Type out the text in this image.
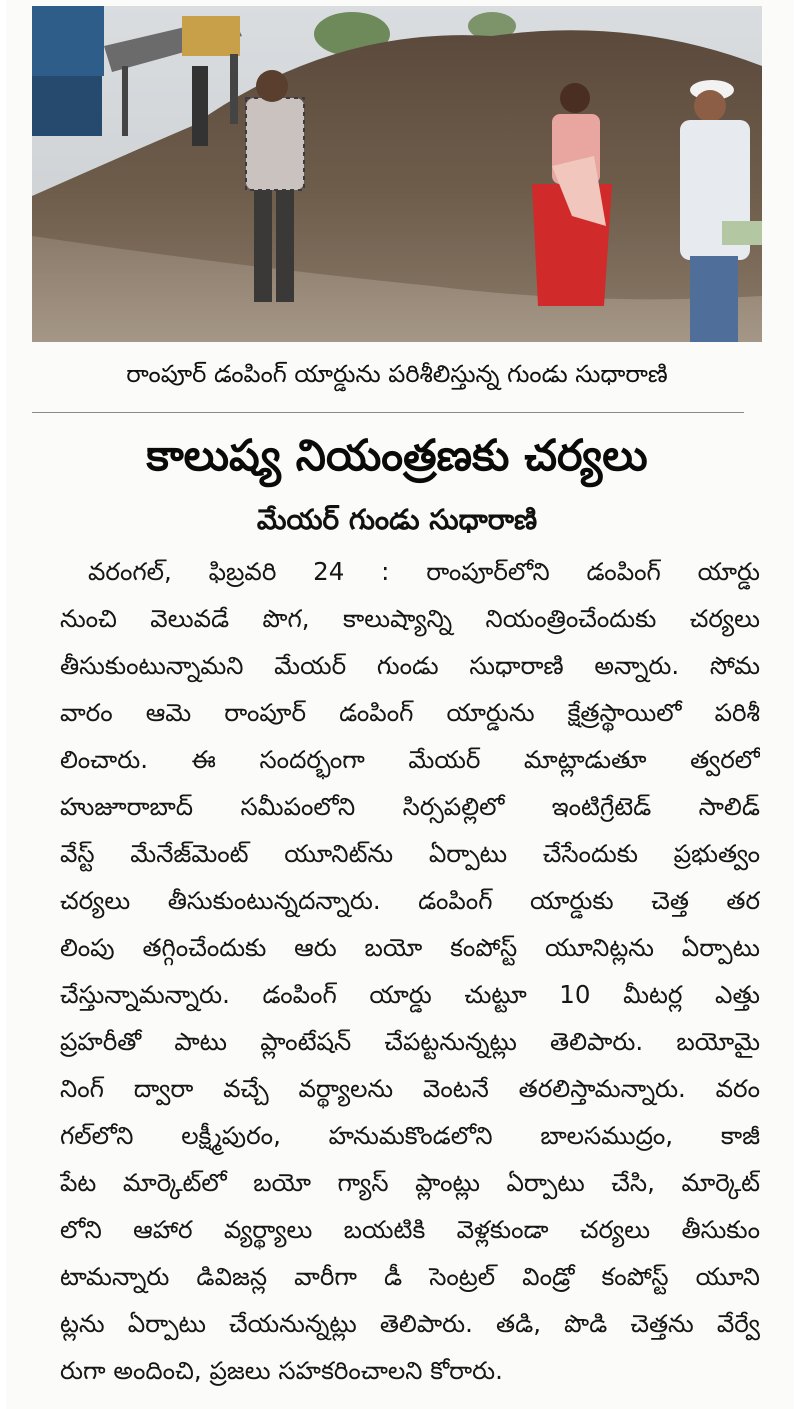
రాంపూర్ డంపింగ్ యార్డును పరిశీలిస్తున్న గుండు సుధారాణి
కాలుష్య నియంత్రణకు చర్యలు
మేయర్ గుండు సుధారాణి
వరంగల్, ఫిబ్రవరి 24 : రాంపూర్‌లోని డంపింగ్ యార్డు
నుంచి వెలువడే పొగ, కాలుష్యాన్ని నియంత్రించేందుకు చర్యలు
తీసుకుంటున్నామని మేయర్ గుండు సుధారాణి అన్నారు. సోమ
వారం ఆమె రాంపూర్ డంపింగ్ యార్డును క్షేత్రస్థాయిలో పరిశీ
లించారు. ఈ సందర్భంగా మేయర్ మాట్లాడుతూ త్వరలో
హుజూరాబాద్ సమీపంలోని సిర్సపల్లిలో ఇంటిగ్రేటెడ్ సాలిడ్
వేస్ట్ మేనేజ్‌మెంట్ యూనిట్‌ను ఏర్పాటు చేసేందుకు ప్రభుత్వం
చర్యలు తీసుకుంటున్నదన్నారు. డంపింగ్ యార్డుకు చెత్త తర
లింపు తగ్గించేందుకు ఆరు బయో కంపోస్ట్ యూనిట్లను ఏర్పాటు
చేస్తున్నామన్నారు. డంపింగ్ యార్డు చుట్టూ 10 మీటర్ల ఎత్తు
ప్రహరీతో పాటు ప్లాంటేషన్ చేపట్టనున్నట్లు తెలిపారు. బయోమై
నింగ్ ద్వారా వచ్చే వర్థ్యాలను వెంటనే తరలిస్తామన్నారు. వరం
గల్‌లోని లక్ష్మీపురం, హనుమకొండలోని బాలసముద్రం, కాజీ
పేట మార్కెట్‌లో బయో గ్యాస్ ప్లాంట్లు ఏర్పాటు చేసి, మార్కెట్
లోని ఆహార వ్యర్థ్యాలు బయటికి వెళ్లకుండా చర్యలు తీసుకుం
టామన్నారు డివిజన్ల వారీగా డీ సెంట్రల్ విండ్రో కంపోస్ట్ యూని
ట్లను ఏర్పాటు చేయనున్నట్లు తెలిపారు. తడి, పొడి చెత్తను వేర్వే
రుగా అందించి, ప్రజలు సహకరించాలని కోరారు.
